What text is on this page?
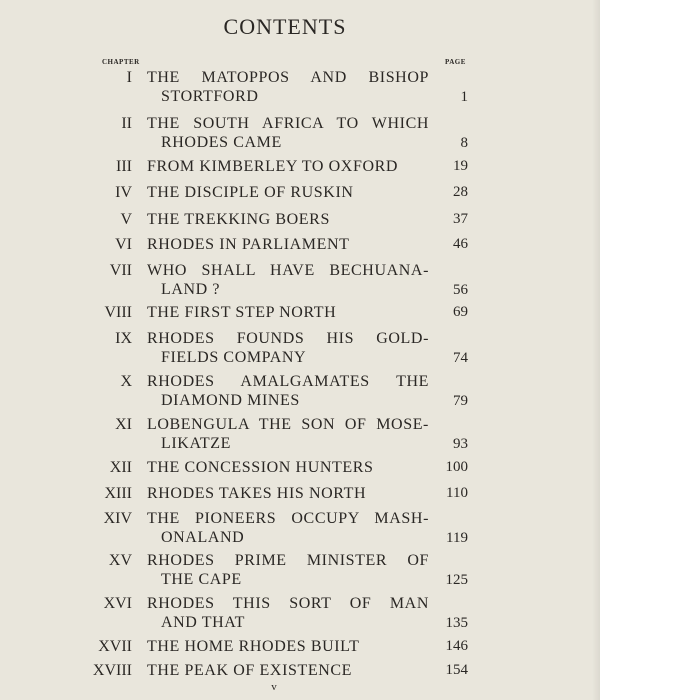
CONTENTS
CHAPTER	PAGE
I THE MATOPPOS AND BISHOP
STORTFORD	1
II THE SOUTH AFRICA TO WHICH
RHODES CAME	8
III FROM KIMBERLEY TO OXFORD	19
IV THE DISCIPLE OF RUSKIN	28
V THE TREKKING BOERS	37
VI RHODES IN PARLIAMENT	46
VII WHO SHALL HAVE BECHUANA-
LAND ?	56
VIII THE FIRST STEP NORTH	69
IX RHODES FOUNDS HIS GOLD-
FIELDS COMPANY	74
X RHODES AMALGAMATES THE
DIAMOND MINES	79
XI LOBENGULA THE SON OF MOSE-
LIKATZE	93
XII THE CONCESSION HUNTERS	100
XIII RHODES TAKES HIS NORTH	110
XIV THE PIONEERS OCCUPY MASH-
ONALAND	119
XV RHODES PRIME MINISTER OF
THE CAPE	125
XVI RHODES THIS SORT OF MAN
AND THAT	135
XVII THE HOME RHODES BUILT	146
XVIII THE PEAK OF EXISTENCE	154
v
